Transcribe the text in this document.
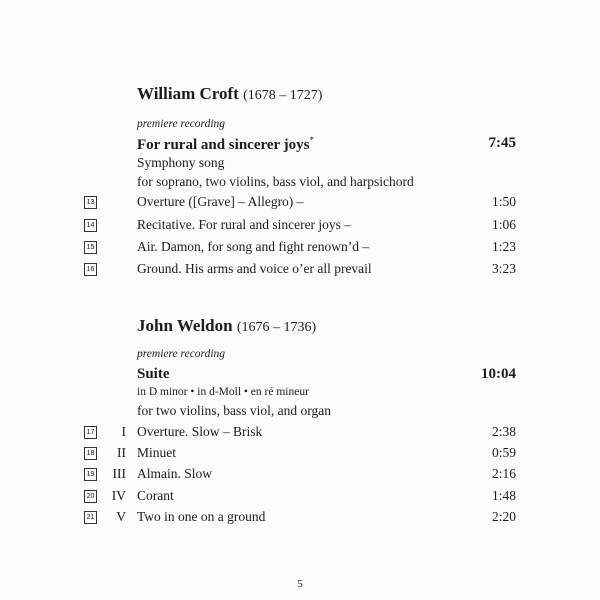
William Croft (1678 – 1727)
premiere recording
For rural and sincerer joys*	7:45
Symphony song
for soprano, two violins, bass viol, and harpsichord
13	Overture ([Grave] – Allegro) –	1:50
14	Recitative. For rural and sincerer joys –	1:06
15	Air. Damon, for song and fight renown’d –	1:23
16	Ground. His arms and voice o’er all prevail	3:23
John Weldon (1676 – 1736)
premiere recording
Suite	10:04
in D minor • in d-Moll • en ré mineur
for two violins, bass viol, and organ
17	I Overture. Slow – Brisk	2:38
18	II Minuet	0:59
19	III Almain. Slow	2:16
20	IV Corant	1:48
21	V Two in one on a ground	2:20
5
